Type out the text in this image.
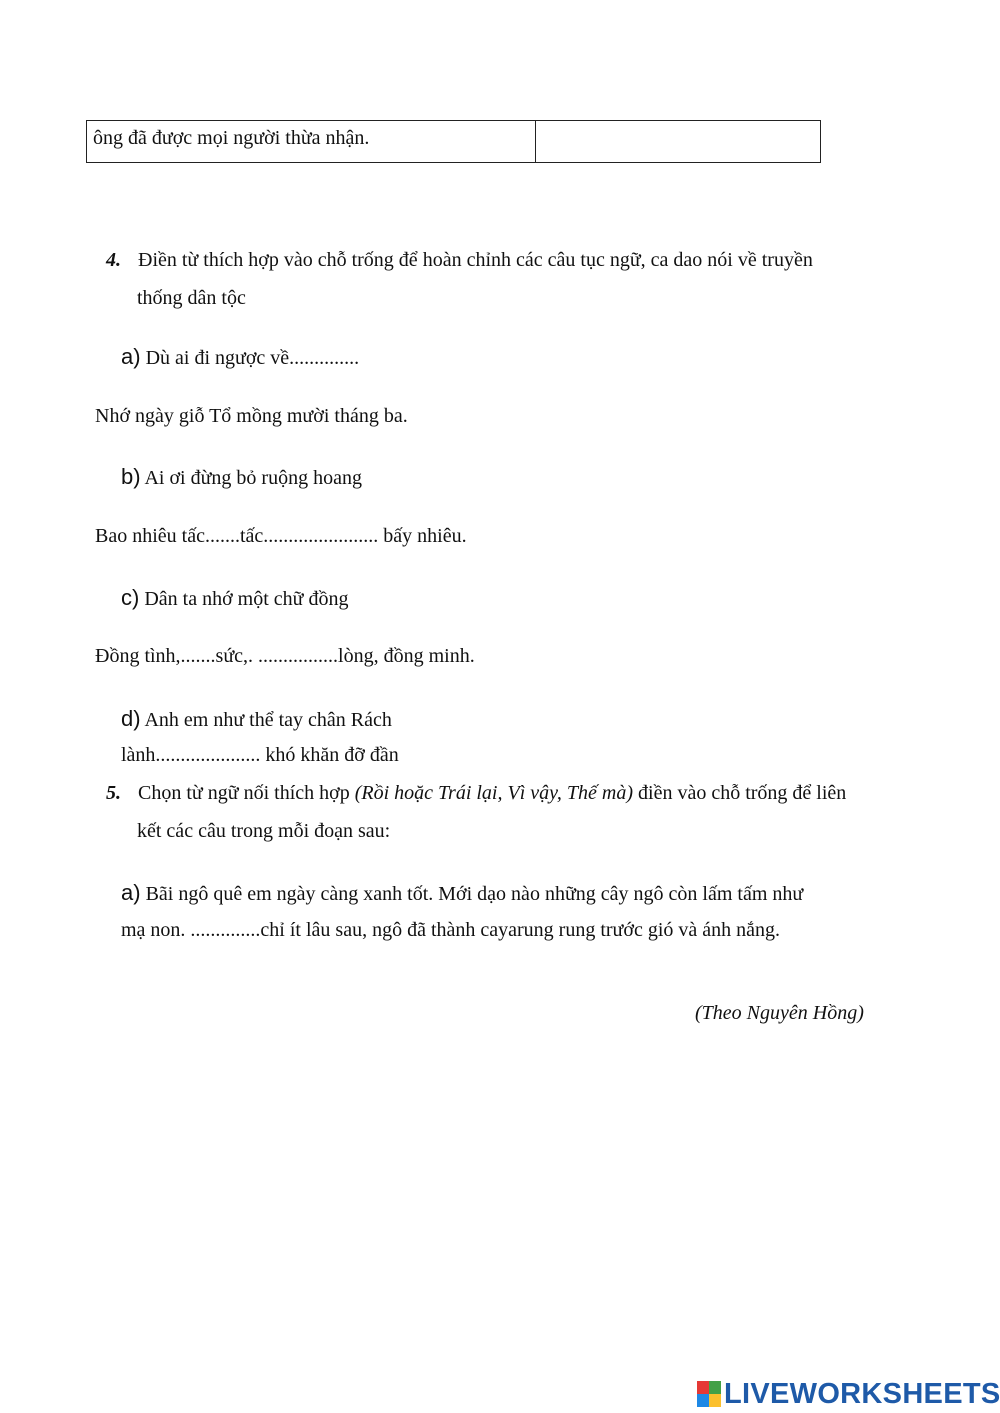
ông đã được mọi người thừa nhận.
4. Điền từ thích hợp vào chỗ trống để hoàn chỉnh các câu tục ngữ, ca dao nói về truyền
thống dân tộc
a) Dù ai đi ngược về..............
Nhớ ngày giỗ Tổ mồng mười tháng ba.
b) Ai ơi đừng bỏ ruộng hoang
Bao nhiêu tấc.......tấc....................... bấy nhiêu.
c) Dân ta nhớ một chữ đồng
Đồng tình,.......sức,. ................lòng, đồng minh.
d) Anh em như thể tay chân Rách
lành..................... khó khăn đỡ đần
5. Chọn từ ngữ nối thích hợp (Rồi hoặc Trái lại, Vì vậy, Thế mà) điền vào chỗ trống để liên
kết các câu trong mỗi đoạn sau:
a) Bãi ngô quê em ngày càng xanh tốt. Mới dạo nào những cây ngô còn lấm tấm như
mạ non. ..............chỉ ít lâu sau, ngô đã thành cayarung rung trước gió và ánh nắng.
(Theo Nguyên Hồng)
LIVEWORKSHEETS
